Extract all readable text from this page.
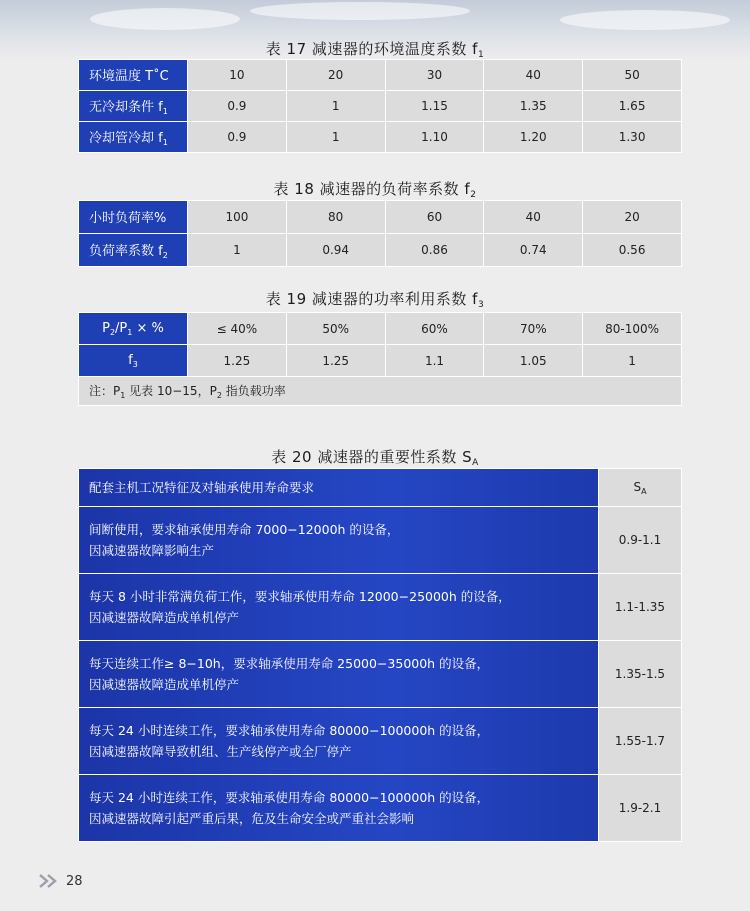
表 17 减速器的环境温度系数 $f_1$
环境温度 T˚C	10	20	30	40	50
无冷却条件 $f_1$	0.9	1	1.15	1.35	1.65
冷却管冷却 $f_1$	0.9	1	1.10	1.20	1.30
表 18 减速器的负荷率系数 $f_2$
小时负荷率%	100	80	60	40	20
负荷率系数 $f_2$	1	0.94	0.86	0.74	0.56
表 19 减速器的功率利用系数 $f_3$
$P_2/P_1$ × %	≤ 40%	50%	60%	70%	80-100%
$f_3$	1.25	1.25	1.1	1.05	1
注：$P_1$ 见表 10−15，$P_2$ 指负载功率					
表 20 减速器的重要性系数 $S_A$
配套主机工况特征及对轴承使用寿命要求	$S_A$

间断使用，要求轴承使用寿命 7000−12000h 的设备，
因减速器故障影响生产	0.9-1.1

每天 8 小时非常满负荷工作，要求轴承使用寿命 12000−25000h 的设备，
因减速器故障造成单机停产	1.1-1.35

每天连续工作≥ 8−10h，要求轴承使用寿命 25000−35000h 的设备，
因减速器故障造成单机停产	1.35-1.5

每天 24 小时连续工作，要求轴承使用寿命 80000−100000h 的设备，
因减速器故障导致机组、生产线停产或全厂停产	1.55-1.7

每天 24 小时连续工作，要求轴承使用寿命 80000−100000h 的设备，
因减速器故障引起严重后果，危及生命安全或严重社会影响	1.9-2.1
28
